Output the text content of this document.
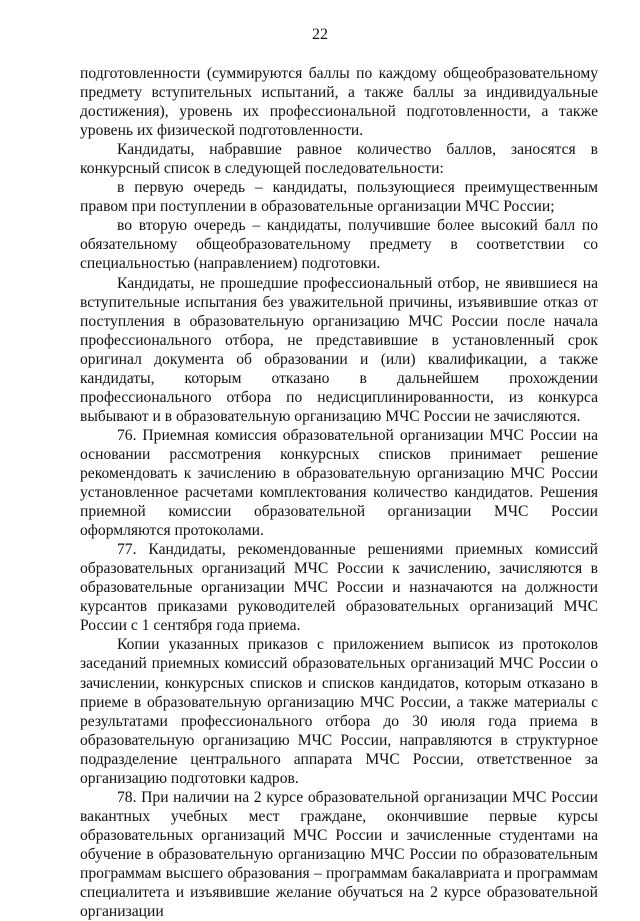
22

подготовленности (суммируются баллы по каждому общеобразовательному предмету вступительных испытаний, а также баллы за индивидуальные достижения), уровень их профессиональной подготовленности, а также уровень их физической подготовленности.

Кандидаты, набравшие равное количество баллов, заносятся в конкурсный список в следующей последовательности:

в первую очередь – кандидаты, пользующиеся преимущественным правом при поступлении в образовательные организации МЧС России;

во вторую очередь – кандидаты, получившие более высокий балл по обязательному общеобразовательному предмету в соответствии со специальностью (направлением) подготовки.

Кандидаты, не прошедшие профессиональный отбор, не явившиеся на вступительные испытания без уважительной причины, изъявившие отказ от поступления в образовательную организацию МЧС России после начала профессионального отбора, не представившие в установленный срок оригинал документа об образовании и (или) квалификации, а также кандидаты, которым отказано в дальнейшем прохождении профессионального отбора по недисциплинированности, из конкурса выбывают и в образовательную организацию МЧС России не зачисляются.

76. Приемная комиссия образовательной организации МЧС России на основании рассмотрения конкурсных списков принимает решение рекомендовать к зачислению в образовательную организацию МЧС России установленное расчетами комплектования количество кандидатов. Решения приемной комиссии образовательной организации МЧС России оформляются протоколами.

77. Кандидаты, рекомендованные решениями приемных комиссий образовательных организаций МЧС России к зачислению, зачисляются в образовательные организации МЧС России и назначаются на должности курсантов приказами руководителей образовательных организаций МЧС России с 1 сентября года приема.

Копии указанных приказов с приложением выписок из протоколов заседаний приемных комиссий образовательных организаций МЧС России о зачислении, конкурсных списков и списков кандидатов, которым отказано в приеме в образовательную организацию МЧС России, а также материалы с результатами профессионального отбора до 30 июля года приема в образовательную организацию МЧС России, направляются в структурное подразделение центрального аппарата МЧС России, ответственное за организацию подготовки кадров.

78. При наличии на 2 курсе образовательной организации МЧС России вакантных учебных мест граждане, окончившие первые курсы образовательных организаций МЧС России и зачисленные студентами на обучение в образовательную организацию МЧС России по образовательным программам высшего образования – программам бакалавриата и программам специалитета и изъявившие желание обучаться на 2 курсе образовательной организации
